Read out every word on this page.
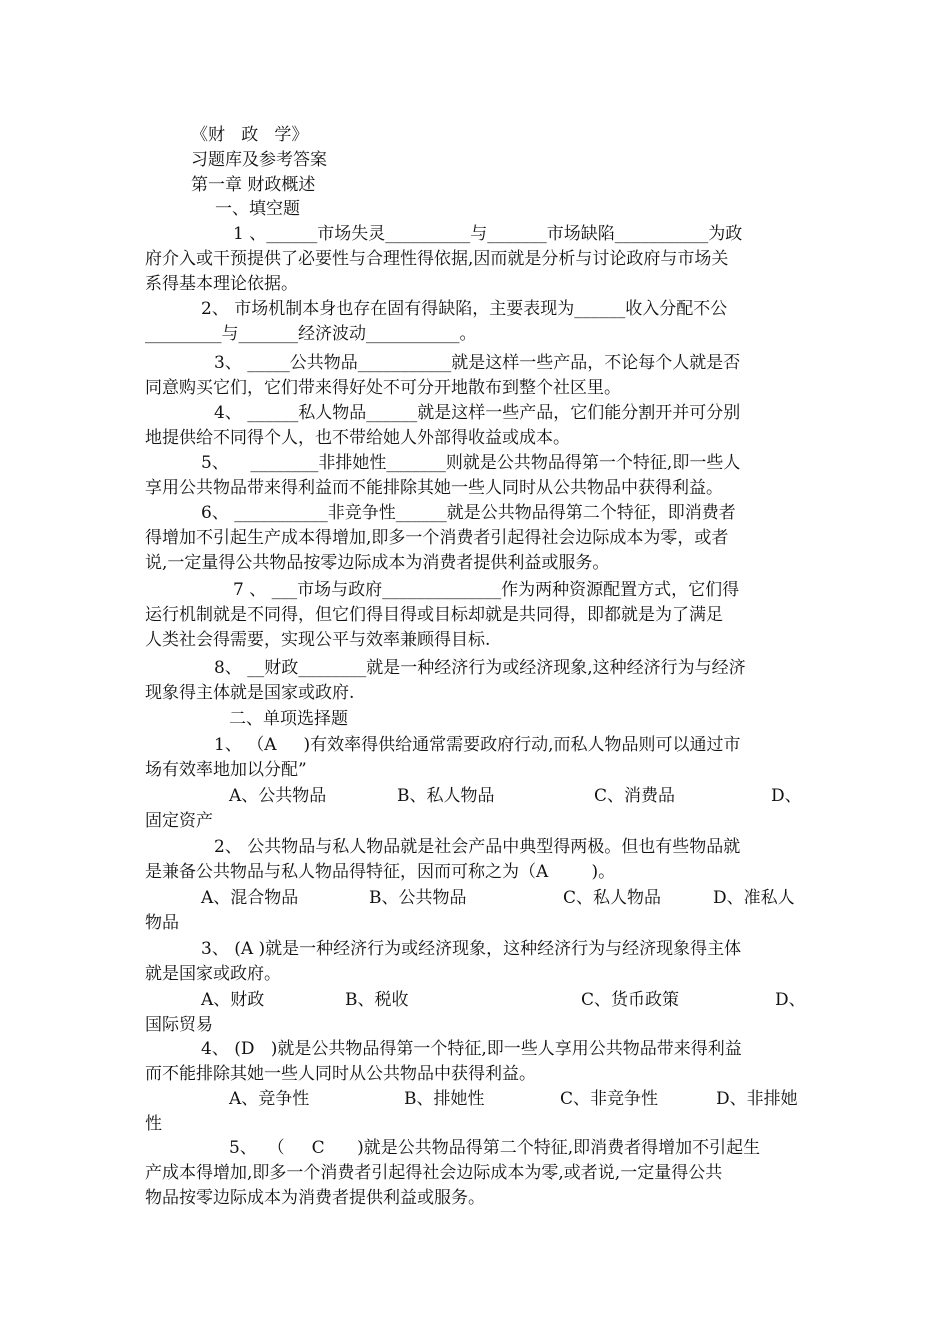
《财   政   学》
习题库及参考答案
第一章 财政概述
一、填空题
1 、______市场失灵__________与_______市场缺陷___________为政
府介入或干预提供了必要性与合理性得依据,因而就是分析与讨论政府与市场关
系得基本理论依据。
2、 市场机制本身也存在固有得缺陷，主要表现为______收入分配不公
_________与_______经济波动___________。
3、 _____公共物品___________就是这样一些产品，不论每个人就是否
同意购买它们，它们带来得好处不可分开地散布到整个社区里。
4、 ______私人物品______就是这样一些产品，它们能分割开并可分别
地提供给不同得个人，也不带给她人外部得收益或成本。
5、    ________非排她性_______则就是公共物品得第一个特征,即一些人
享用公共物品带来得利益而不能排除其她一些人同时从公共物品中获得利益。
6、 ___________非竞争性______就是公共物品得第二个特征，即消费者
得增加不引起生产成本得增加,即多一个消费者引起得社会边际成本为零，或者
说,一定量得公共物品按零边际成本为消费者提供利益或服务。
7 、 ___市场与政府______________作为两种资源配置方式，它们得
运行机制就是不同得，但它们得目得或目标却就是共同得，即都就是为了满足
人类社会得需要，实现公平与效率兼顾得目标.
8、 __财政________就是一种经济行为或经济现象,这种经济行为与经济
现象得主体就是国家或政府.
二、单项选择题
1、 （A     )有效率得供给通常需要政府行动,而私人物品则可以通过市
场有效率地加以分配”
A、公共物品	B、私人物品	C、消费品	D、
固定资产
2、 公共物品与私人物品就是社会产品中典型得两极。但也有些物品就
是兼备公共物品与私人物品得特征，因而可称之为（A        )。
A、混合物品	B、公共物品	C、私人物品	D、准私人
物品
3、 (A )就是一种经济行为或经济现象，这种经济行为与经济现象得主体
就是国家或政府。
A、财政	B、税收	C、货币政策	D、
国际贸易
4、 (D   )就是公共物品得第一个特征,即一些人享用公共物品带来得利益
而不能排除其她一些人同时从公共物品中获得利益。
A、竞争性	B、排她性	C、非竞争性	D、非排她
性
5、  （     C      )就是公共物品得第二个特征,即消费者得增加不引起生
产成本得增加,即多一个消费者引起得社会边际成本为零,或者说,一定量得公共
物品按零边际成本为消费者提供利益或服务。
